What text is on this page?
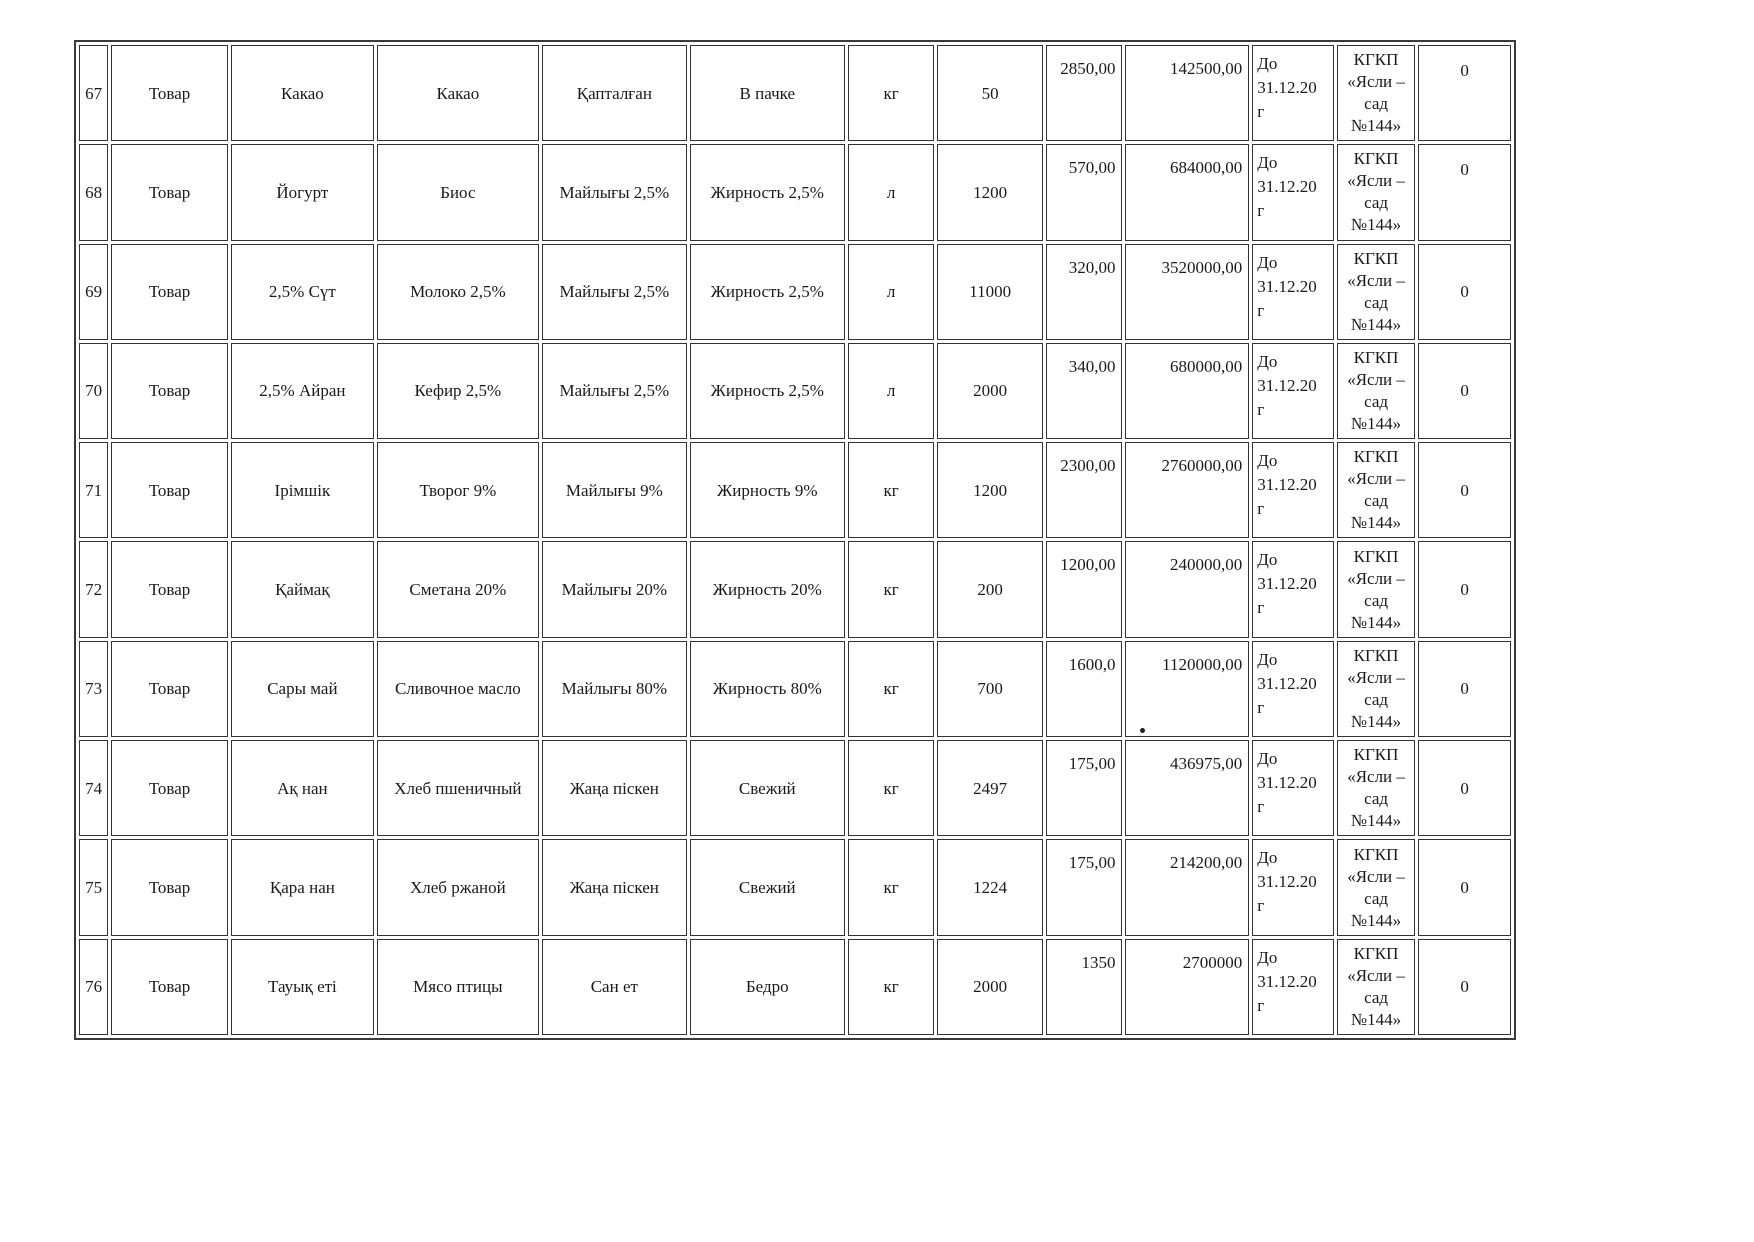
67	Товар	Какао	Какао	Қапталған	В пачке	кг	50	2850,00	142500,00	До
31.12.20
г	КГКП
«Ясли –
сад
№144»	0
68	Товар	Йогурт	Биос	Майлығы 2,5%	Жирность 2,5%	л	1200	570,00	684000,00	До
31.12.20
г	КГКП
«Ясли –
сад
№144»	0
69	Товар	2,5% Сүт	Молоко 2,5%	Майлығы 2,5%	Жирность 2,5%	л	11000	320,00	3520000,00	До
31.12.20
г	КГКП
«Ясли –
сад
№144»	0
70	Товар	2,5% Айран	Кефир 2,5%	Майлығы 2,5%	Жирность 2,5%	л	2000	340,00	680000,00	До
31.12.20
г	КГКП
«Ясли –
сад
№144»	0
71	Товар	Ірімшік	Творог 9%	Майлығы 9%	Жирность 9%	кг	1200	2300,00	2760000,00	До
31.12.20
г	КГКП
«Ясли –
сад
№144»	0
72	Товар	Қаймақ	Сметана 20%	Майлығы 20%	Жирность 20%	кг	200	1200,00	240000,00	До
31.12.20
г	КГКП
«Ясли –
сад
№144»	0
73	Товар	Сары май	Сливочное масло	Майлығы 80%	Жирность 80%	кг	700	1600,0	1120000,00	До
31.12.20
г	КГКП
«Ясли –
сад
№144»	0
74	Товар	Ақ нан	Хлеб пшеничный	Жаңа піскен	Свежий	кг	2497	175,00	436975,00	До
31.12.20
г	КГКП
«Ясли –
сад
№144»	0
75	Товар	Қара нан	Хлеб ржаной	Жаңа піскен	Свежий	кг	1224	175,00	214200,00	До
31.12.20
г	КГКП
«Ясли –
сад
№144»	0
76	Товар	Тауық еті	Мясо птицы	Сан ет	Бедро	кг	2000	1350	2700000	До
31.12.20
г	КГКП
«Ясли –
сад
№144»	0
